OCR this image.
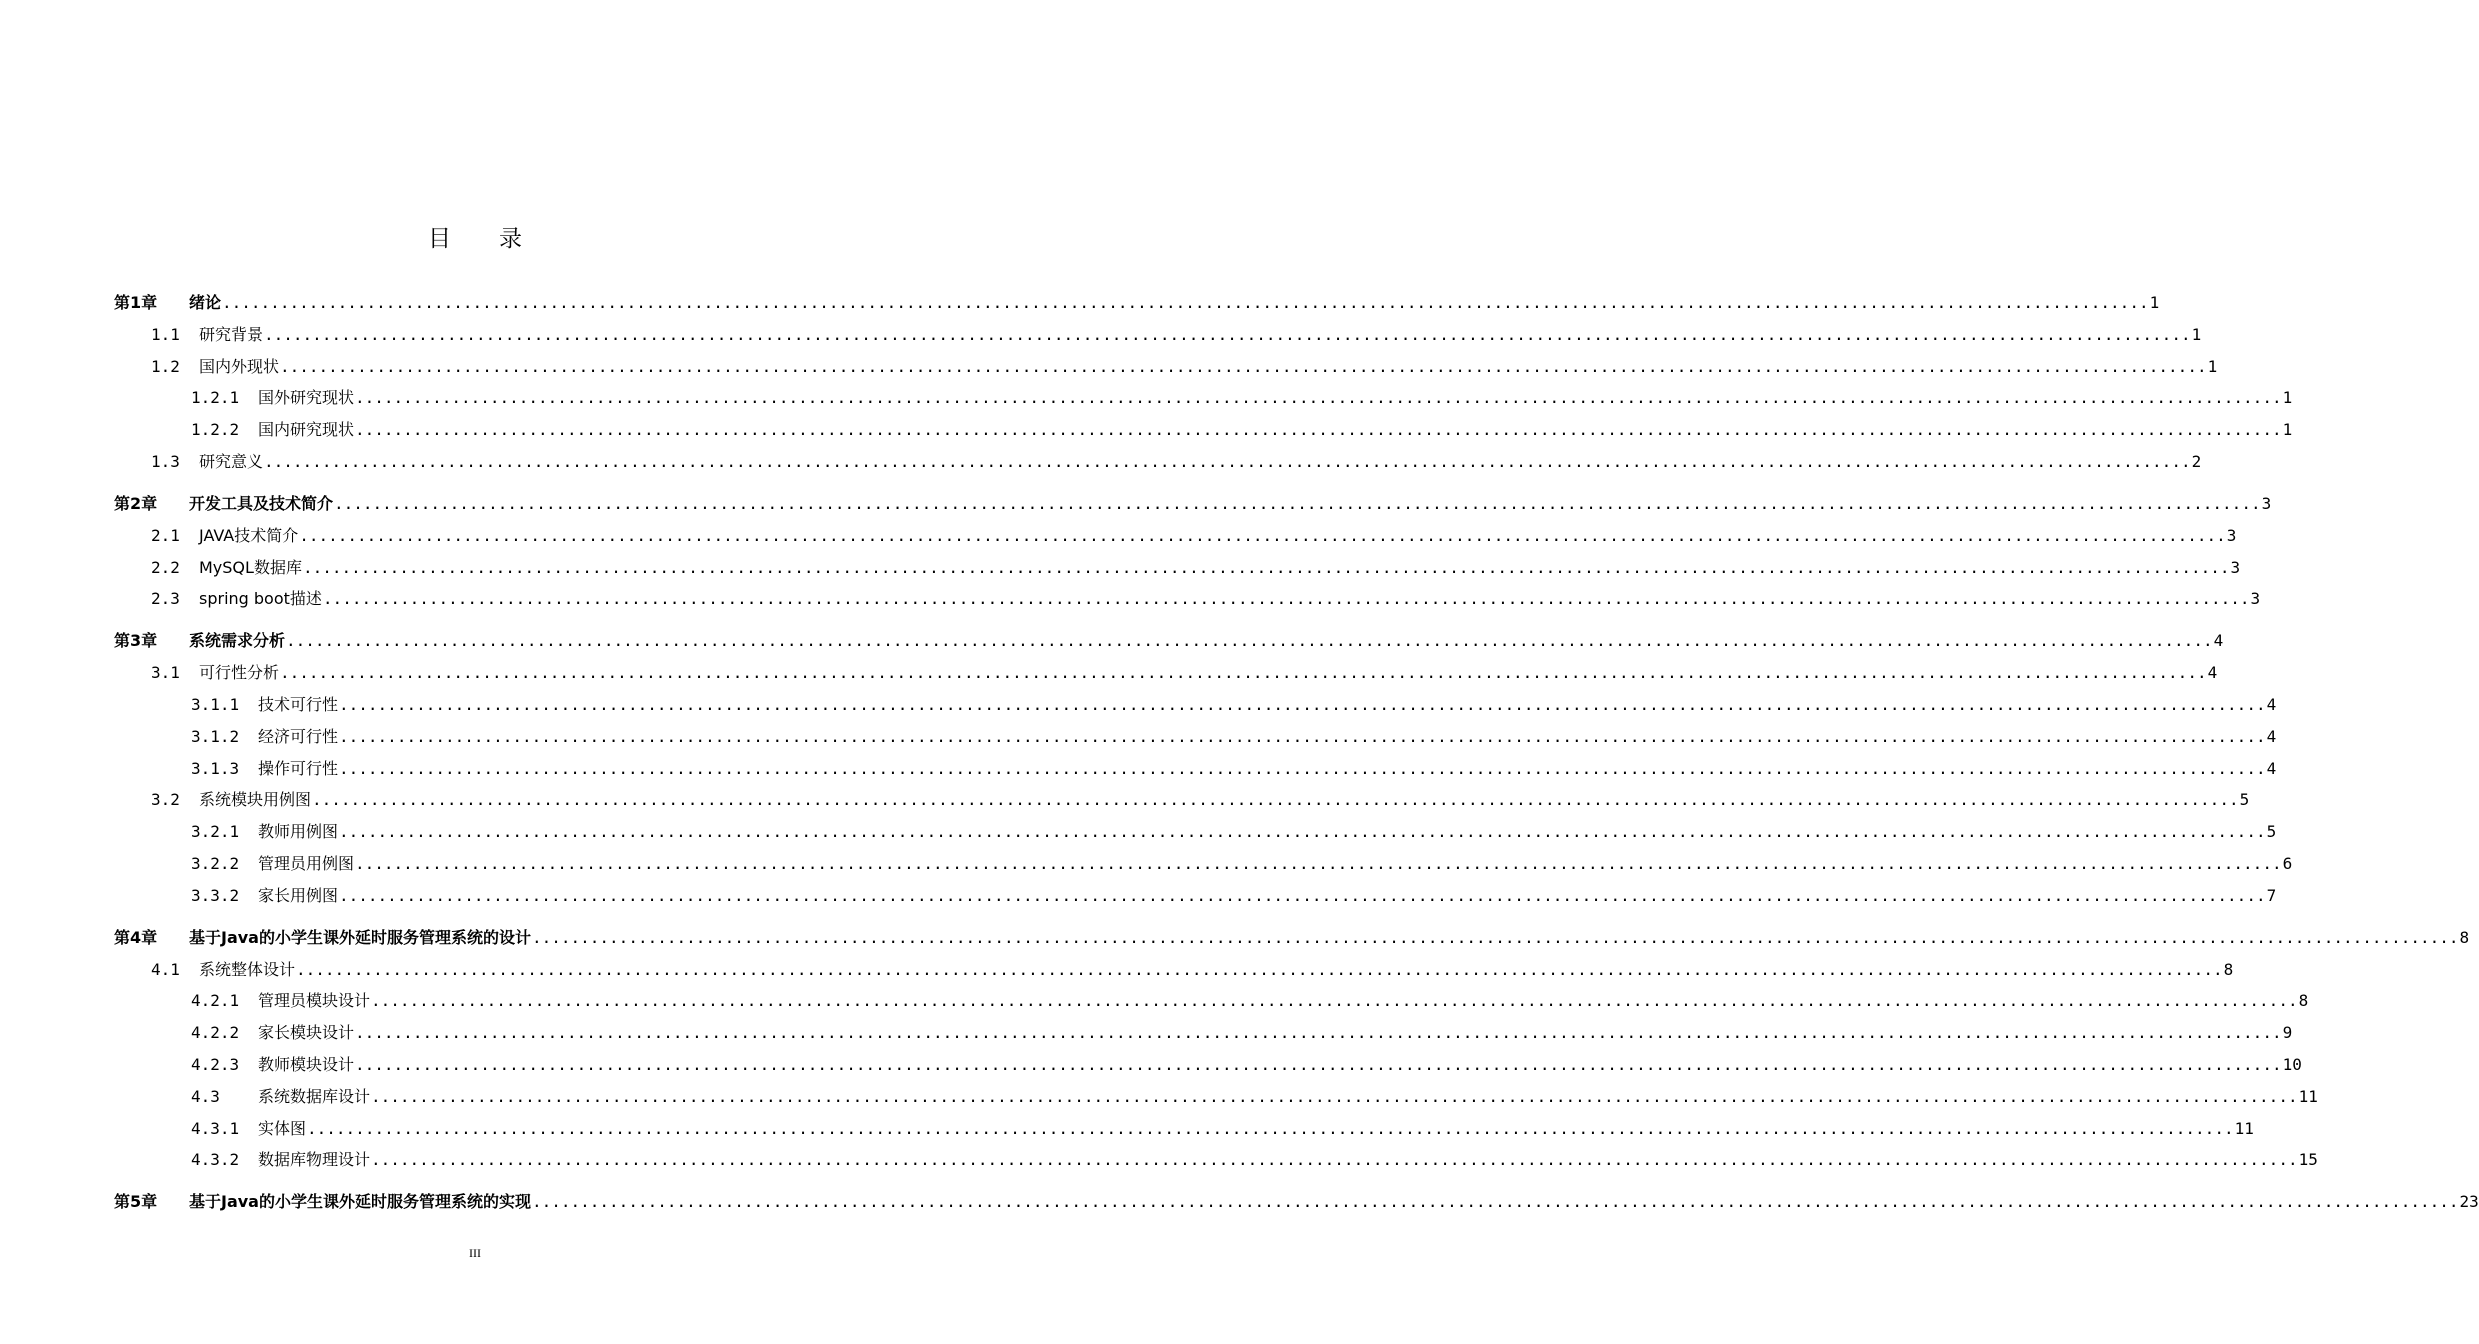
目 录
第1章 绪论 ........................................................................................................................................................................................................ 1
1.1 研究背景 ........................................................................................................................................................................................................ 1
1.2 国内外现状 ........................................................................................................................................................................................................ 1
1.2.1 国外研究现状 ........................................................................................................................................................................................................ 1
1.2.2 国内研究现状 ........................................................................................................................................................................................................ 1
1.3 研究意义 ........................................................................................................................................................................................................ 2
第2章 开发工具及技术简介 ........................................................................................................................................................................................................ 3
2.1 JAVA技术简介 ........................................................................................................................................................................................................ 3
2.2 MySQL数据库 ........................................................................................................................................................................................................ 3
2.3 spring boot描述 ........................................................................................................................................................................................................ 3
第3章 系统需求分析 ........................................................................................................................................................................................................ 4
3.1 可行性分析 ........................................................................................................................................................................................................ 4
3.1.1 技术可行性 ........................................................................................................................................................................................................ 4
3.1.2 经济可行性 ........................................................................................................................................................................................................ 4
3.1.3 操作可行性 ........................................................................................................................................................................................................ 4
3.2 系统模块用例图 ........................................................................................................................................................................................................ 5
3.2.1 教师用例图 ........................................................................................................................................................................................................ 5
3.2.2 管理员用例图 ........................................................................................................................................................................................................ 6
3.3.2 家长用例图 ........................................................................................................................................................................................................ 7
第4章 基于Java的小学生课外延时服务管理系统的设计 ........................................................................................................................................................................................................ 8
4.1 系统整体设计 ........................................................................................................................................................................................................ 8
4.2.1 管理员模块设计 ........................................................................................................................................................................................................ 8
4.2.2 家长模块设计 ........................................................................................................................................................................................................ 9
4.2.3 教师模块设计 ........................................................................................................................................................................................................ 10
4.3 系统数据库设计 ........................................................................................................................................................................................................ 11
4.3.1 实体图 ........................................................................................................................................................................................................ 11
4.3.2 数据库物理设计 ........................................................................................................................................................................................................ 15
第5章 基于Java的小学生课外延时服务管理系统的实现 ........................................................................................................................................................................................................ 23
III
